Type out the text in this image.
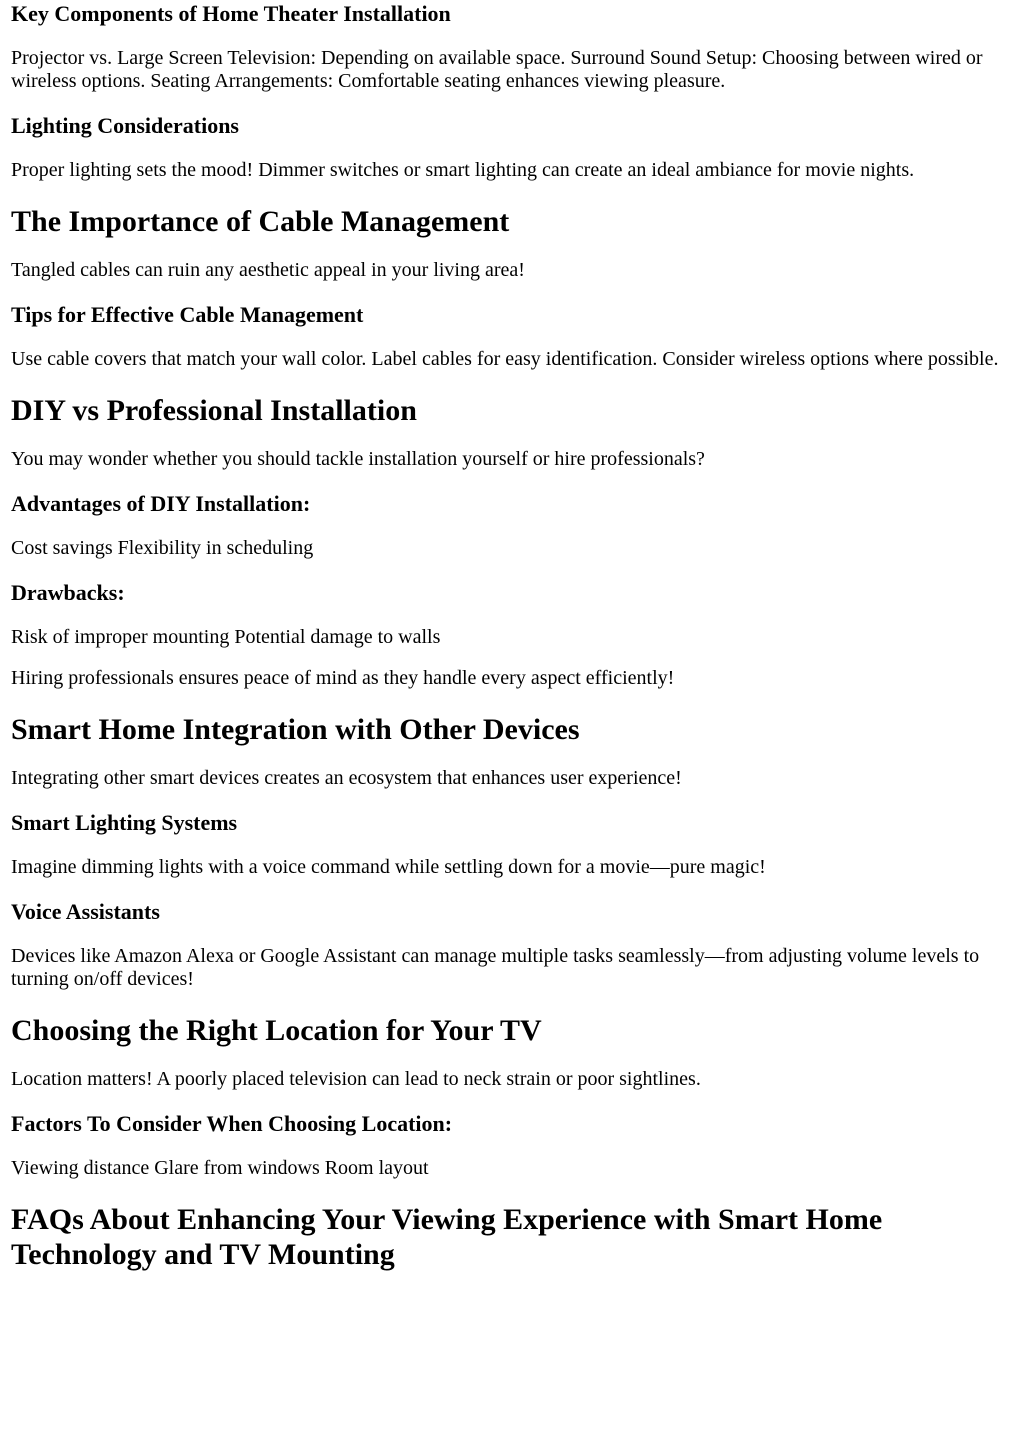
Key Components of Home Theater Installation

Projector vs. Large Screen Television: Depending on available space. Surround Sound Setup: Choosing between wired or wireless options. Seating Arrangements: Comfortable seating enhances viewing pleasure.

Lighting Considerations

Proper lighting sets the mood! Dimmer switches or smart lighting can create an ideal ambiance for movie nights.

The Importance of Cable Management

Tangled cables can ruin any aesthetic appeal in your living area!

Tips for Effective Cable Management

Use cable covers that match your wall color. Label cables for easy identification. Consider wireless options where possible.

DIY vs Professional Installation

You may wonder whether you should tackle installation yourself or hire professionals?

Advantages of DIY Installation:

Cost savings Flexibility in scheduling

Drawbacks:

Risk of improper mounting Potential damage to walls

Hiring professionals ensures peace of mind as they handle every aspect efficiently!

Smart Home Integration with Other Devices

Integrating other smart devices creates an ecosystem that enhances user experience!

Smart Lighting Systems

Imagine dimming lights with a voice command while settling down for a movie—pure magic!

Voice Assistants

Devices like Amazon Alexa or Google Assistant can manage multiple tasks seamlessly—from adjusting volume levels to turning on/off devices!

Choosing the Right Location for Your TV

Location matters! A poorly placed television can lead to neck strain or poor sightlines.

Factors To Consider When Choosing Location:

Viewing distance Glare from windows Room layout

FAQs About Enhancing Your Viewing Experience with Smart Home Technology and TV Mounting
